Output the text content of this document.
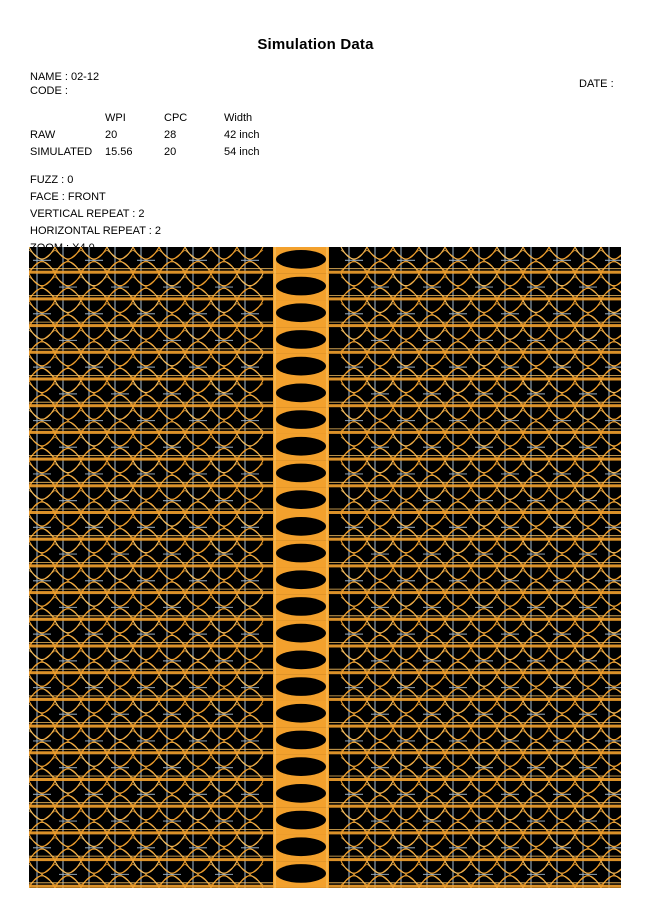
Simulation Data
NAME : 02-12
CODE :
DATE :
	WPI	CPC	Width
RAW	20	28	42 inch
SIMULATED	15.56	20	54 inch
FUZZ : 0
FACE : FRONT
VERTICAL REPEAT : 2
HORIZONTAL REPEAT : 2
